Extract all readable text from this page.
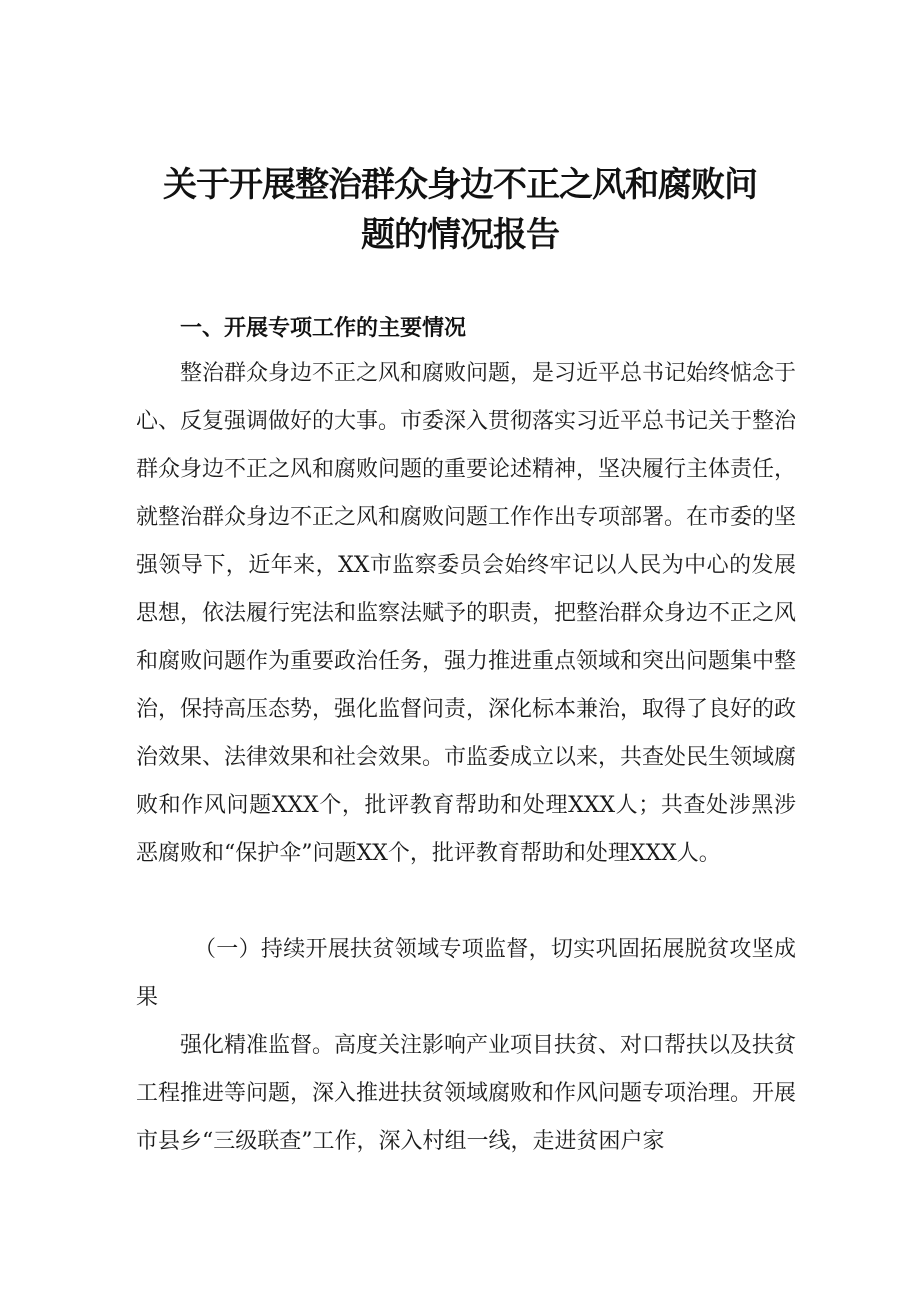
关于开展整治群众身边不正之风和腐败问
题的情况报告
一、开展专项工作的主要情况

整治群众身边不正之风和腐败问题，是习近平总书记始终惦念于心、反复强调做好的大事。市委深入贯彻落实习近平总书记关于整治群众身边不正之风和腐败问题的重要论述精神，坚决履行主体责任，就整治群众身边不正之风和腐败问题工作作出专项部署。在市委的坚强领导下，近年来，XX市监察委员会始终牢记以人民为中心的发展思想，依法履行宪法和监察法赋予的职责，把整治群众身边不正之风和腐败问题作为重要政治任务，强力推进重点领域和突出问题集中整治，保持高压态势，强化监督问责，深化标本兼治，取得了良好的政治效果、法律效果和社会效果。市监委成立以来，共查处民生领域腐败和作风问题XXX个，批评教育帮助和处理XXX人；共查处涉黑涉恶腐败和“保护伞”问题XX个，批评教育帮助和处理XXX人。

（一）持续开展扶贫领域专项监督，切实巩固拓展脱贫攻坚成果

强化精准监督。高度关注影响产业项目扶贫、对口帮扶以及扶贫工程推进等问题，深入推进扶贫领域腐败和作风问题专项治理。开展市县乡“三级联查”工作，深入村组一线，走进贫困户家
